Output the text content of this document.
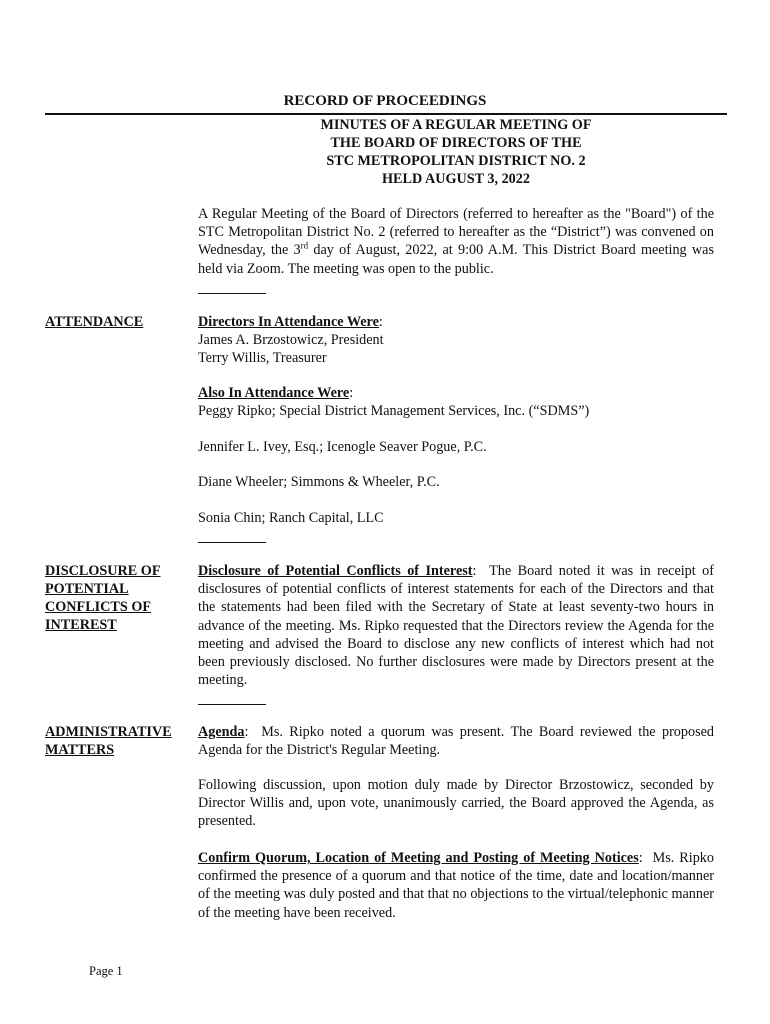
RECORD OF PROCEEDINGS
MINUTES OF A REGULAR MEETING OF
THE BOARD OF DIRECTORS OF THE
STC METROPOLITAN DISTRICT NO. 2
HELD AUGUST 3, 2022
A Regular Meeting of the Board of Directors (referred to hereafter as the "Board") of the STC Metropolitan District No. 2 (referred to hereafter as the “District”) was convened on Wednesday, the 3rd day of August, 2022, at 9:00 A.M. This District Board meeting was held via Zoom. The meeting was open to the public.
ATTENDANCE	Directors In Attendance Were:
James A. Brzostowicz, President
Terry Willis, Treasurer
Also In Attendance Were:
Peggy Ripko; Special District Management Services, Inc. (“SDMS”)
Jennifer L. Ivey, Esq.; Icenogle Seaver Pogue, P.C.
Diane Wheeler; Simmons & Wheeler, P.C.
Sonia Chin; Ranch Capital, LLC
DISCLOSURE OF
POTENTIAL
CONFLICTS OF
INTEREST
Disclosure of Potential Conflicts of Interest:  The Board noted it was in receipt of disclosures of potential conflicts of interest statements for each of the Directors and that the statements had been filed with the Secretary of State at least seventy-two hours in advance of the meeting. Ms. Ripko requested that the Directors review the Agenda for the meeting and advised the Board to disclose any new conflicts of interest which had not been previously disclosed. No further disclosures were made by Directors present at the meeting.
ADMINISTRATIVE
MATTERS
Agenda:  Ms. Ripko noted a quorum was present. The Board reviewed the proposed Agenda for the District's Regular Meeting.
Following discussion, upon motion duly made by Director Brzostowicz, seconded by Director Willis and, upon vote, unanimously carried, the Board approved the Agenda, as presented.
Confirm Quorum, Location of Meeting and Posting of Meeting Notices:  Ms. Ripko confirmed the presence of a quorum and that notice of the time, date and location/manner of the meeting was duly posted and that that no objections to the virtual/telephonic manner of the meeting have been received.
Page 1
